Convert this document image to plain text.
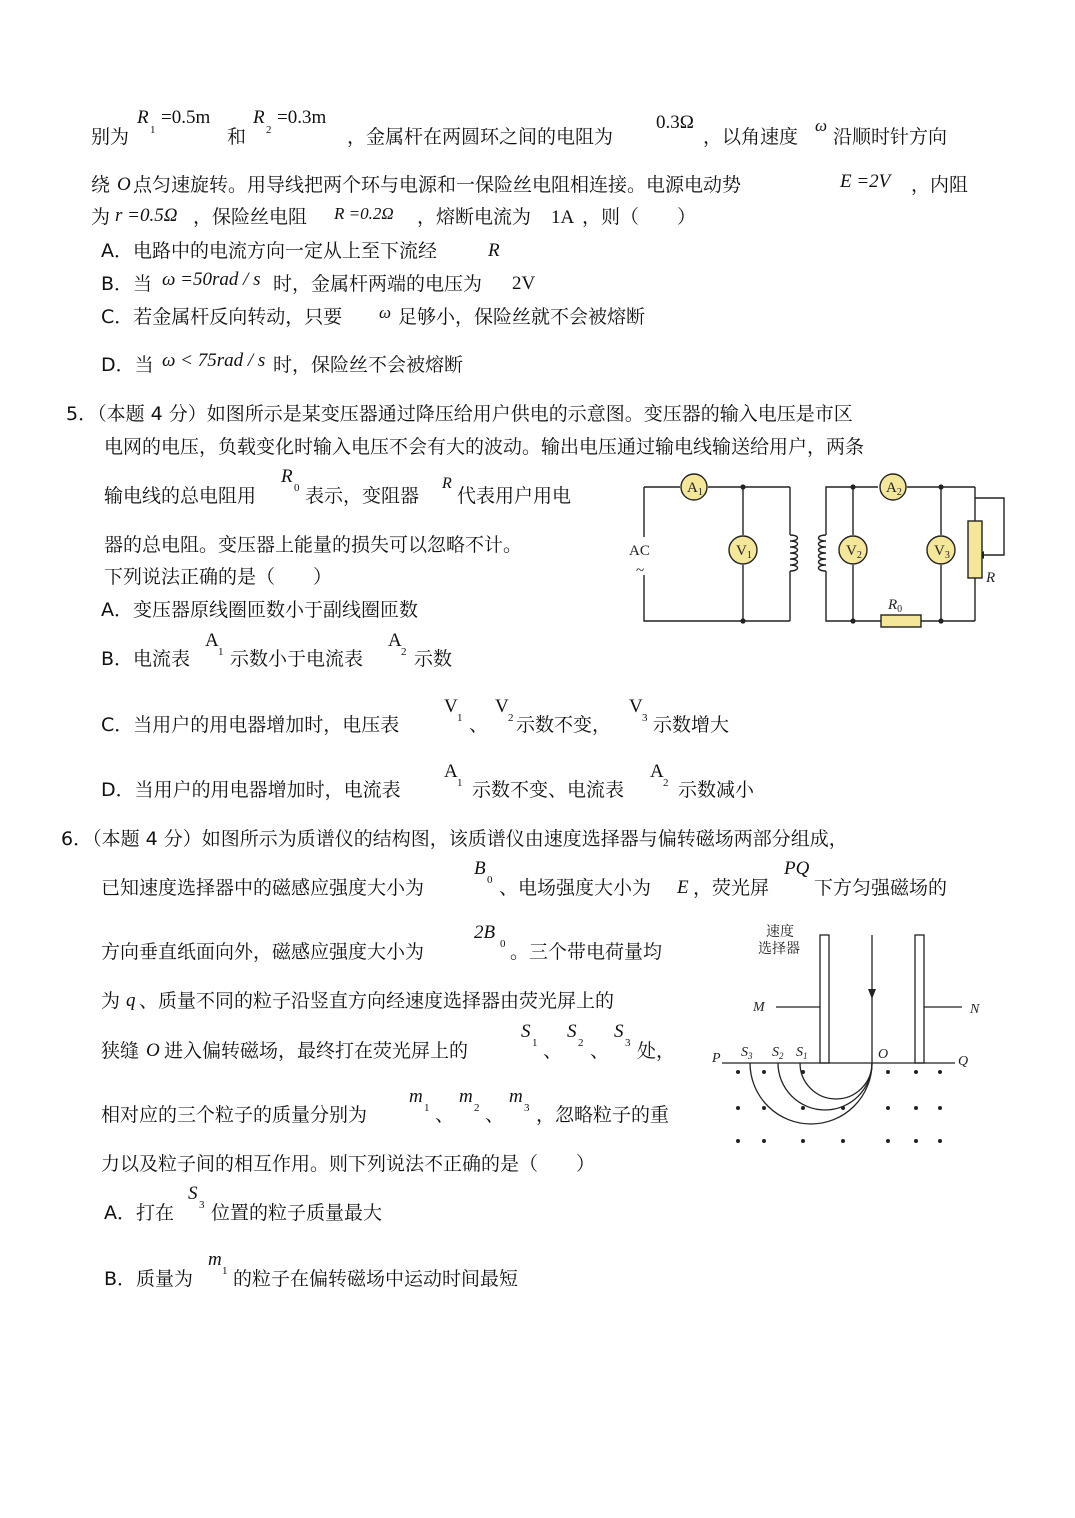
别为
R
1
=0.5m
和
R
2
=0.3m
，金属杆在两圆环之间的电阻为
0.3Ω
，以角速度
ω
沿顺时针方向
绕 O 点匀速旋转。用导线把两个环与电源和一保险丝电阻相连接。电源电动势	E =2V ，内阻
为 r =0.5Ω ，保险丝电阻 R =0.2Ω ，熔断电流为 1A ，则（　　）
A．电路中的电流方向一定从上至下流经	R
B．当 ω =50rad / s 时，金属杆两端的电压为 2V
C．若金属杆反向转动，只要 ω 足够小，保险丝就不会被熔断
D．当 ω < 75rad / s 时，保险丝不会被熔断
5．（本题 4 分）如图所示是某变压器通过降压给用户供电的示意图。变压器的输入电压是市区
电网的电压，负载变化时输入电压不会有大的波动。输出电压通过输电线输送给用户，两条
输电线的总电阻用
R
0 表示，变阻器
R
代表用户用电
器的总电阻。变压器上能量的损失可以忽略不计。
下列说法正确的是（　　）
A．变压器原线圈匝数小于副线圈匝数
B．电流表
A
1 示数小于电流表
A
2 示数
C．当用户的用电器增加时，电压表
V
1 、
V
2 示数不变，
V
3 示数增大
D．当用户的用电器增加时，电流表
A
1 示数不变、电流表
A
2 示数减小
$A_1$	$A_2$
$V_1$	$V_2$	$V_3$
AC
~	R
$R_0$
6．（本题 4 分）如图所示为质谱仪的结构图，该质谱仪由速度选择器与偏转磁场两部分组成，
已知速度选择器中的磁感应强度大小为
B
0 、电场强度大小为 E ，荧光屏
PQ
下方匀强磁场的
方向垂直纸面向外，磁感应强度大小为
2B
0 。三个带电荷量均
为 q 、质量不同的粒子沿竖直方向经速度选择器由荧光屏上的
狭缝 O 进入偏转磁场，最终打在荧光屏上的
S
1 、
S
2 、
S
3 处，
相对应的三个粒子的质量分别为
m
1 、
m
2 、
m
3 ，忽略粒子的重
力以及粒子间的相互作用。则下列说法不正确的是（　　）
A．打在
S
3 位置的粒子质量最大
B．质量为
m
1 的粒子在偏转磁场中运动时间最短
速度
选择器
M	N
P	Q
O
$S_3$ $S_2$ $S_1$
